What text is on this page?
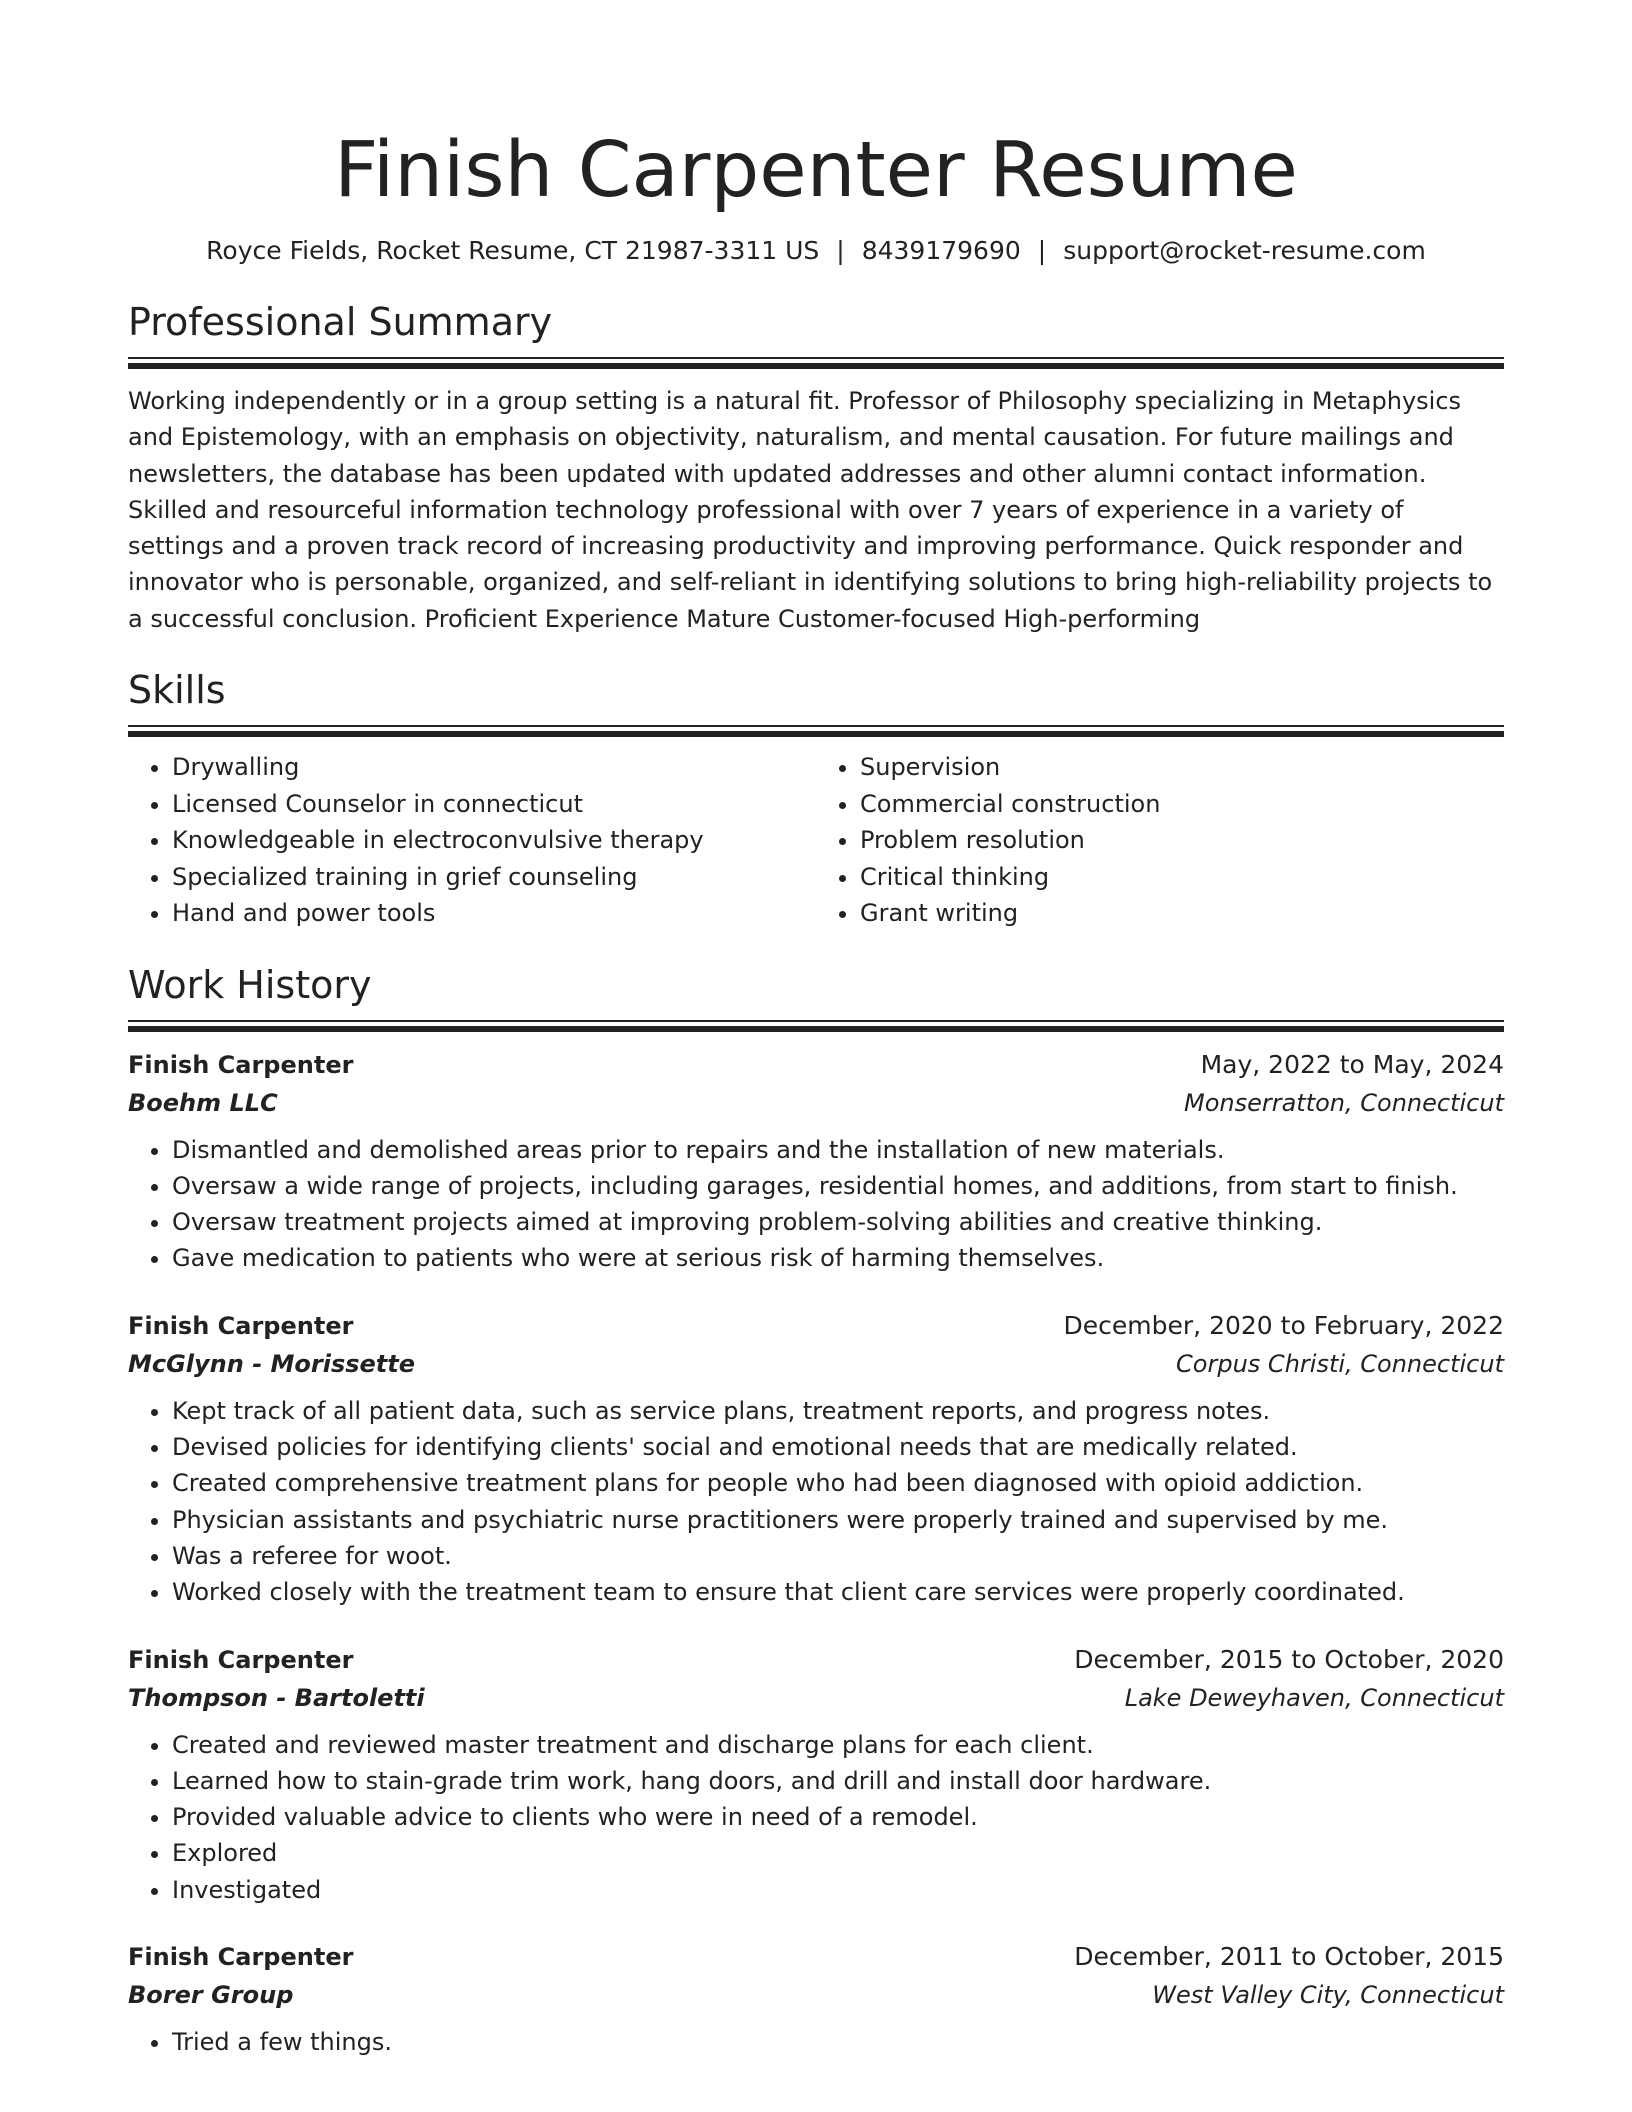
Finish Carpenter Resume
Royce Fields, Rocket Resume, CT 21987-3311 US | 8439179690 | support@rocket-resume.com
Professional Summary

Working independently or in a group setting is a natural fit. Professor of Philosophy specializing in Metaphysics and Epistemology, with an emphasis on objectivity, naturalism, and mental causation. For future mailings and newsletters, the database has been updated with updated addresses and other alumni contact information. Skilled and resourceful information technology professional with over 7 years of experience in a variety of settings and a proven track record of increasing productivity and improving performance. Quick responder and innovator who is personable, organized, and self-reliant in identifying solutions to bring high-reliability projects to a successful conclusion. Proficient Experience Mature Customer-focused High-performing

Skills
• Drywalling
• Licensed Counselor in connecticut
• Knowledgeable in electroconvulsive therapy
• Specialized training in grief counseling
• Hand and power tools
• Supervision
• Commercial construction
• Problem resolution
• Critical thinking
• Grant writing
Work History
Finish Carpenter	May, 2022 to May, 2024
Boehm LLC	Monserratton, Connecticut
• Dismantled and demolished areas prior to repairs and the installation of new materials.
• Oversaw a wide range of projects, including garages, residential homes, and additions, from start to finish.
• Oversaw treatment projects aimed at improving problem-solving abilities and creative thinking.
• Gave medication to patients who were at serious risk of harming themselves.
Finish Carpenter	December, 2020 to February, 2022
McGlynn - Morissette	Corpus Christi, Connecticut
• Kept track of all patient data, such as service plans, treatment reports, and progress notes.
• Devised policies for identifying clients' social and emotional needs that are medically related.
• Created comprehensive treatment plans for people who had been diagnosed with opioid addiction.
• Physician assistants and psychiatric nurse practitioners were properly trained and supervised by me.
• Was a referee for woot.
• Worked closely with the treatment team to ensure that client care services were properly coordinated.
Finish Carpenter	December, 2015 to October, 2020
Thompson - Bartoletti	Lake Deweyhaven, Connecticut
• Created and reviewed master treatment and discharge plans for each client.
• Learned how to stain-grade trim work, hang doors, and drill and install door hardware.
• Provided valuable advice to clients who were in need of a remodel.
• Explored
• Investigated
Finish Carpenter	December, 2011 to October, 2015
Borer Group	West Valley City, Connecticut
• Tried a few things.
